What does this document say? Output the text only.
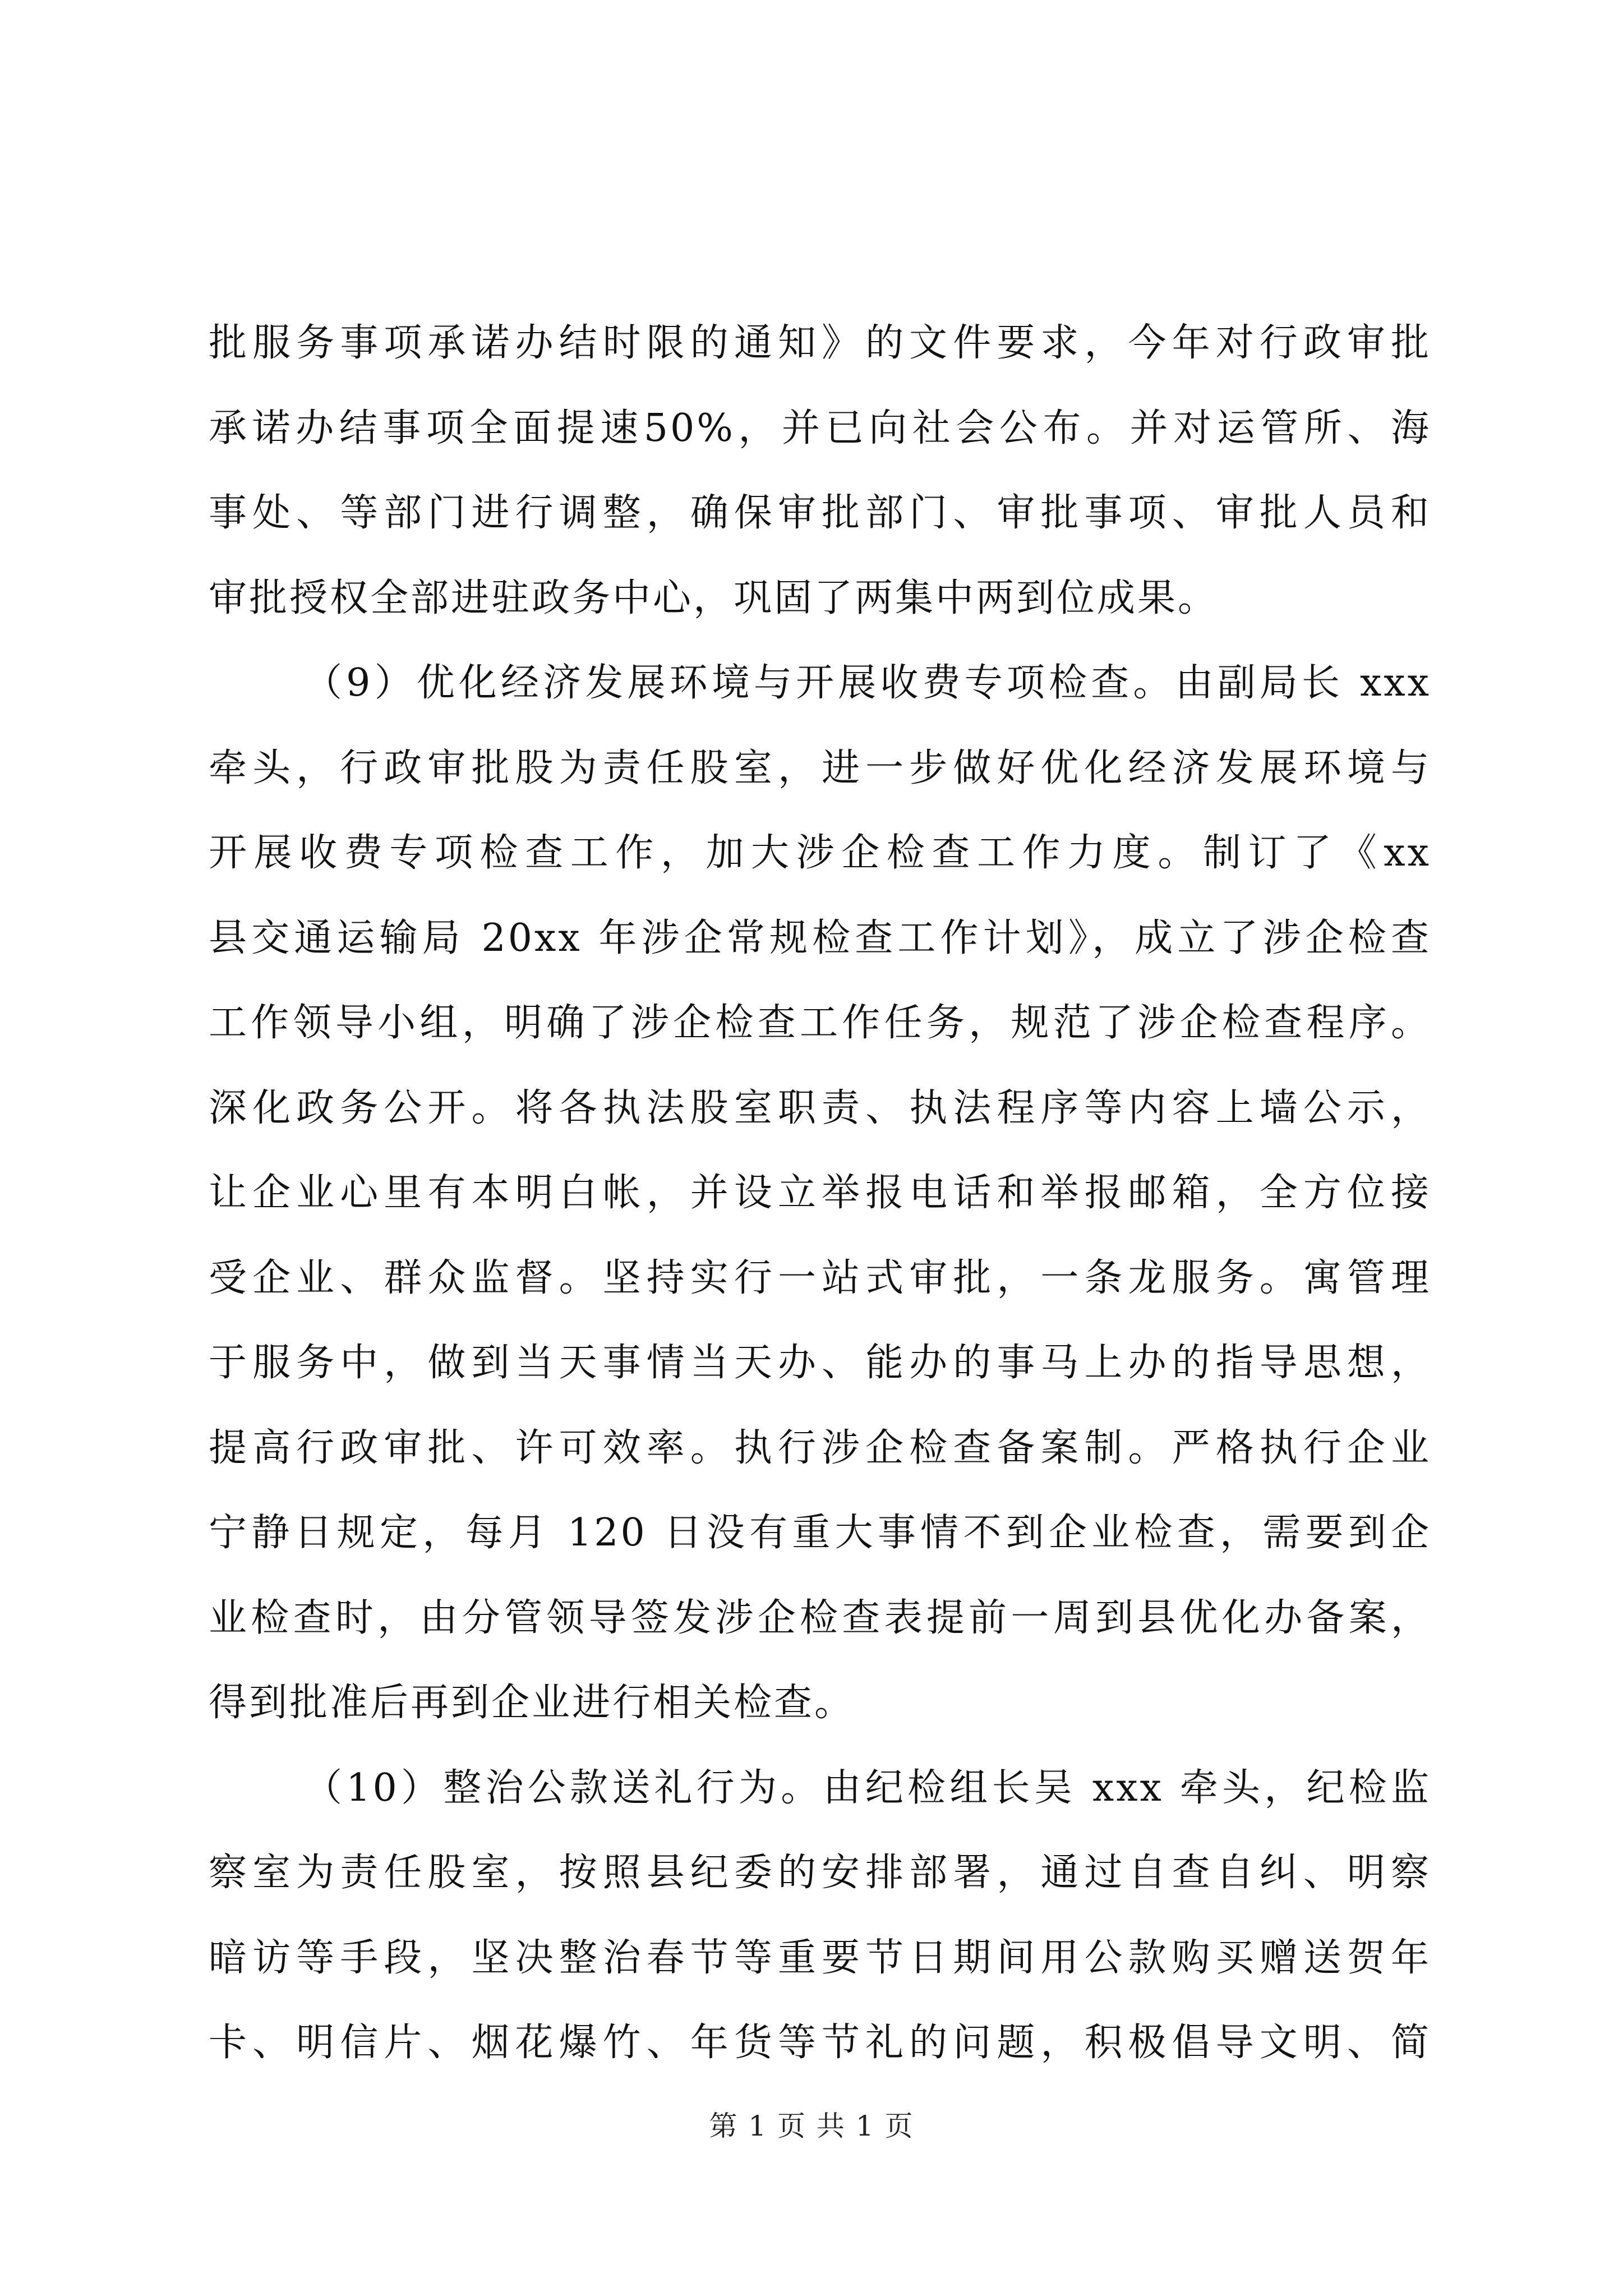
批服务事项承诺办结时限的通知》的文件要求，今年对行政审批
承诺办结事项全面提速50%，并已向社会公布。并对运管所、海
事处、等部门进行调整，确保审批部门、审批事项、审批人员和
审批授权全部进驻政务中心，巩固了两集中两到位成果。
（9）优化经济发展环境与开展收费专项检查。由副局长 xxx
牵头，行政审批股为责任股室，进一步做好优化经济发展环境与
开展收费专项检查工作，加大涉企检查工作力度。制订了《xx
县交通运输局 20xx 年涉企常规检查工作计划》，成立了涉企检查
工作领导小组，明确了涉企检查工作任务，规范了涉企检查程序。
深化政务公开。将各执法股室职责、执法程序等内容上墙公示，
让企业心里有本明白帐，并设立举报电话和举报邮箱，全方位接
受企业、群众监督。坚持实行一站式审批，一条龙服务。寓管理
于服务中，做到当天事情当天办、能办的事马上办的指导思想，
提高行政审批、许可效率。执行涉企检查备案制。严格执行企业
宁静日规定，每月 120 日没有重大事情不到企业检查，需要到企
业检查时，由分管领导签发涉企检查表提前一周到县优化办备案，
得到批准后再到企业进行相关检查。
（10）整治公款送礼行为。由纪检组长吴 xxx 牵头，纪检监
察室为责任股室，按照县纪委的安排部署，通过自查自纠、明察
暗访等手段，坚决整治春节等重要节日期间用公款购买赠送贺年
卡、明信片、烟花爆竹、年货等节礼的问题，积极倡导文明、简
第 1 页 共 1 页
